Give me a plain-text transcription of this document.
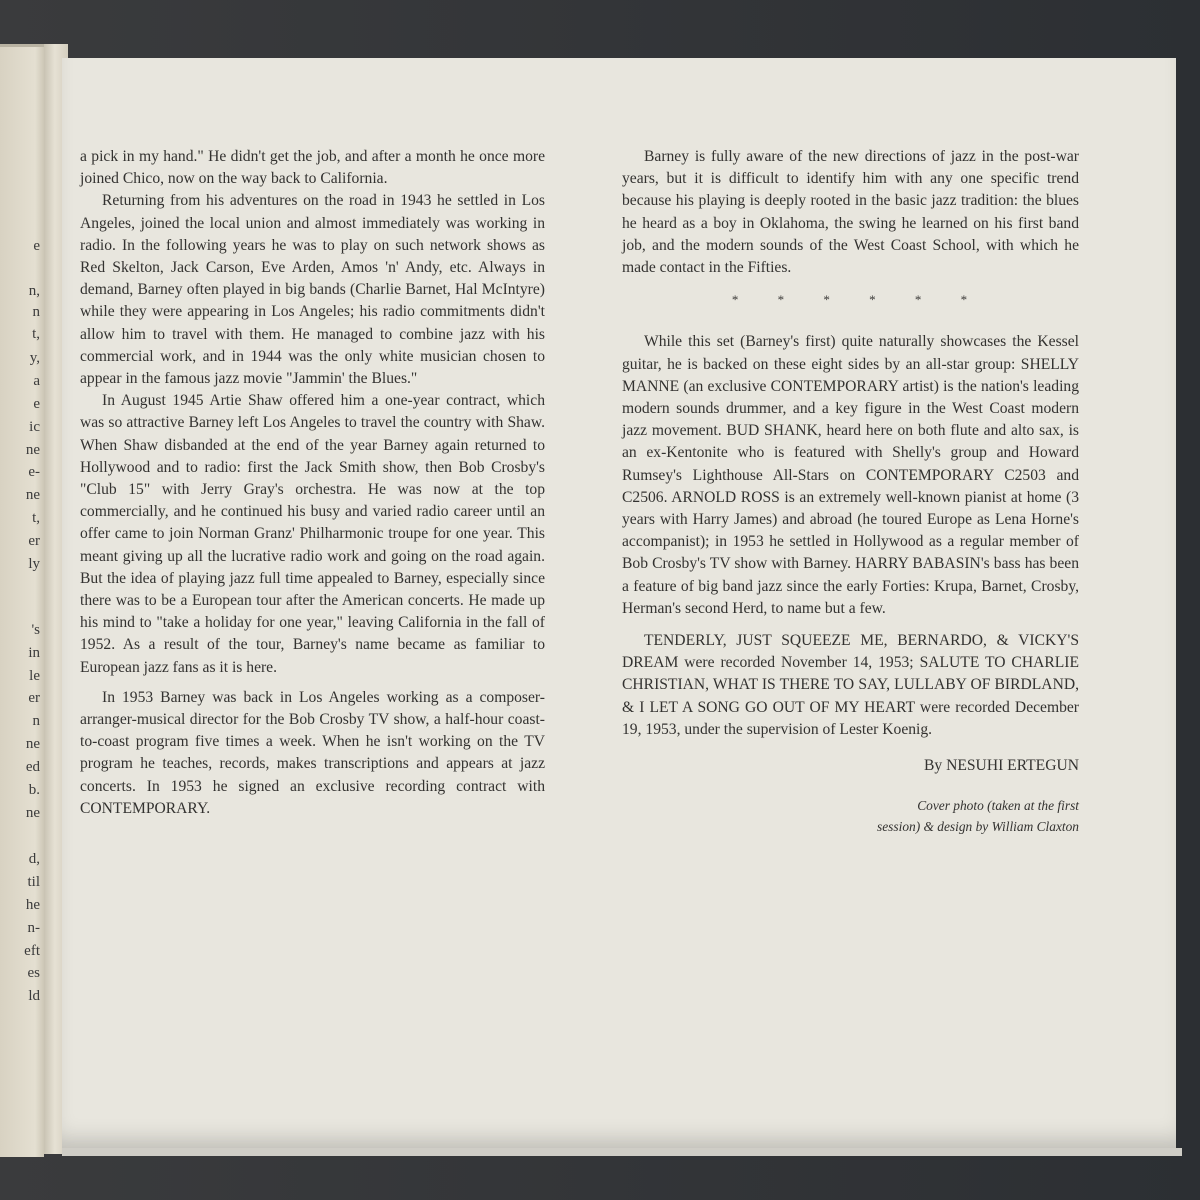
e
n,
n
t,
y,
a
e
ic
ne
e-
ne
t,
er
ly
's
in
le
er
n
ne
ed
b.
ne
d,
til
he
n-
eft
es
ld

a pick in my hand." He didn't get the job, and after a month he once more joined Chico, now on the way back to California.

Returning from his adventures on the road in 1943 he settled in Los Angeles, joined the local union and almost immediately was working in radio. In the following years he was to play on such network shows as Red Skelton, Jack Carson, Eve Arden, Amos 'n' Andy, etc. Always in demand, Barney often played in big bands (Charlie Barnet, Hal McIntyre) while they were appearing in Los Angeles; his radio commitments didn't allow him to travel with them. He managed to combine jazz with his commercial work, and in 1944 was the only white musician chosen to appear in the famous jazz movie "Jammin' the Blues."

In August 1945 Artie Shaw offered him a one-year contract, which was so attractive Barney left Los Angeles to travel the country with Shaw. When Shaw disbanded at the end of the year Barney again returned to Hollywood and to radio: first the Jack Smith show, then Bob Crosby's "Club 15" with Jerry Gray's orchestra. He was now at the top commercially, and he continued his busy and varied radio career until an offer came to join Norman Granz' Philharmonic troupe for one year. This meant giving up all the lucrative radio work and going on the road again. But the idea of playing jazz full time appealed to Barney, especially since there was to be a European tour after the American concerts. He made up his mind to "take a holiday for one year," leaving California in the fall of 1952. As a result of the tour, Barney's name became as familiar to European jazz fans as it is here.

In 1953 Barney was back in Los Angeles working as a composer-arranger-musical director for the Bob Crosby TV show, a half-hour coast-to-coast program five times a week. When he isn't working on the TV program he teaches, records, makes transcriptions and appears at jazz concerts. In 1953 he signed an exclusive recording contract with CONTEMPORARY.

Barney is fully aware of the new directions of jazz in the post-war years, but it is difficult to identify him with any one specific trend because his playing is deeply rooted in the basic jazz tradition: the blues he heard as a boy in Oklahoma, the swing he learned on his first band job, and the modern sounds of the West Coast School, with which he made contact in the Fifties.

* * * * * *

While this set (Barney's first) quite naturally showcases the Kessel guitar, he is backed on these eight sides by an all-star group: SHELLY MANNE (an exclusive CONTEMPORARY artist) is the nation's leading modern sounds drummer, and a key figure in the West Coast modern jazz movement. BUD SHANK, heard here on both flute and alto sax, is an ex-Kentonite who is featured with Shelly's group and Howard Rumsey's Lighthouse All-Stars on CONTEMPORARY C2503 and C2506. ARNOLD ROSS is an extremely well-known pianist at home (3 years with Harry James) and abroad (he toured Europe as Lena Horne's accompanist); in 1953 he settled in Hollywood as a regular member of Bob Crosby's TV show with Barney. HARRY BABASIN's bass has been a feature of big band jazz since the early Forties: Krupa, Barnet, Crosby, Herman's second Herd, to name but a few.

TENDERLY, JUST SQUEEZE ME, BERNARDO, & VICKY'S DREAM were recorded November 14, 1953; SALUTE TO CHARLIE CHRISTIAN, WHAT IS THERE TO SAY, LULLABY OF BIRDLAND, & I LET A SONG GO OUT OF MY HEART were recorded December 19, 1953, under the supervision of Lester Koenig.

By NESUHI ERTEGUN
Cover photo (taken at the first
session) & design by William Claxton
